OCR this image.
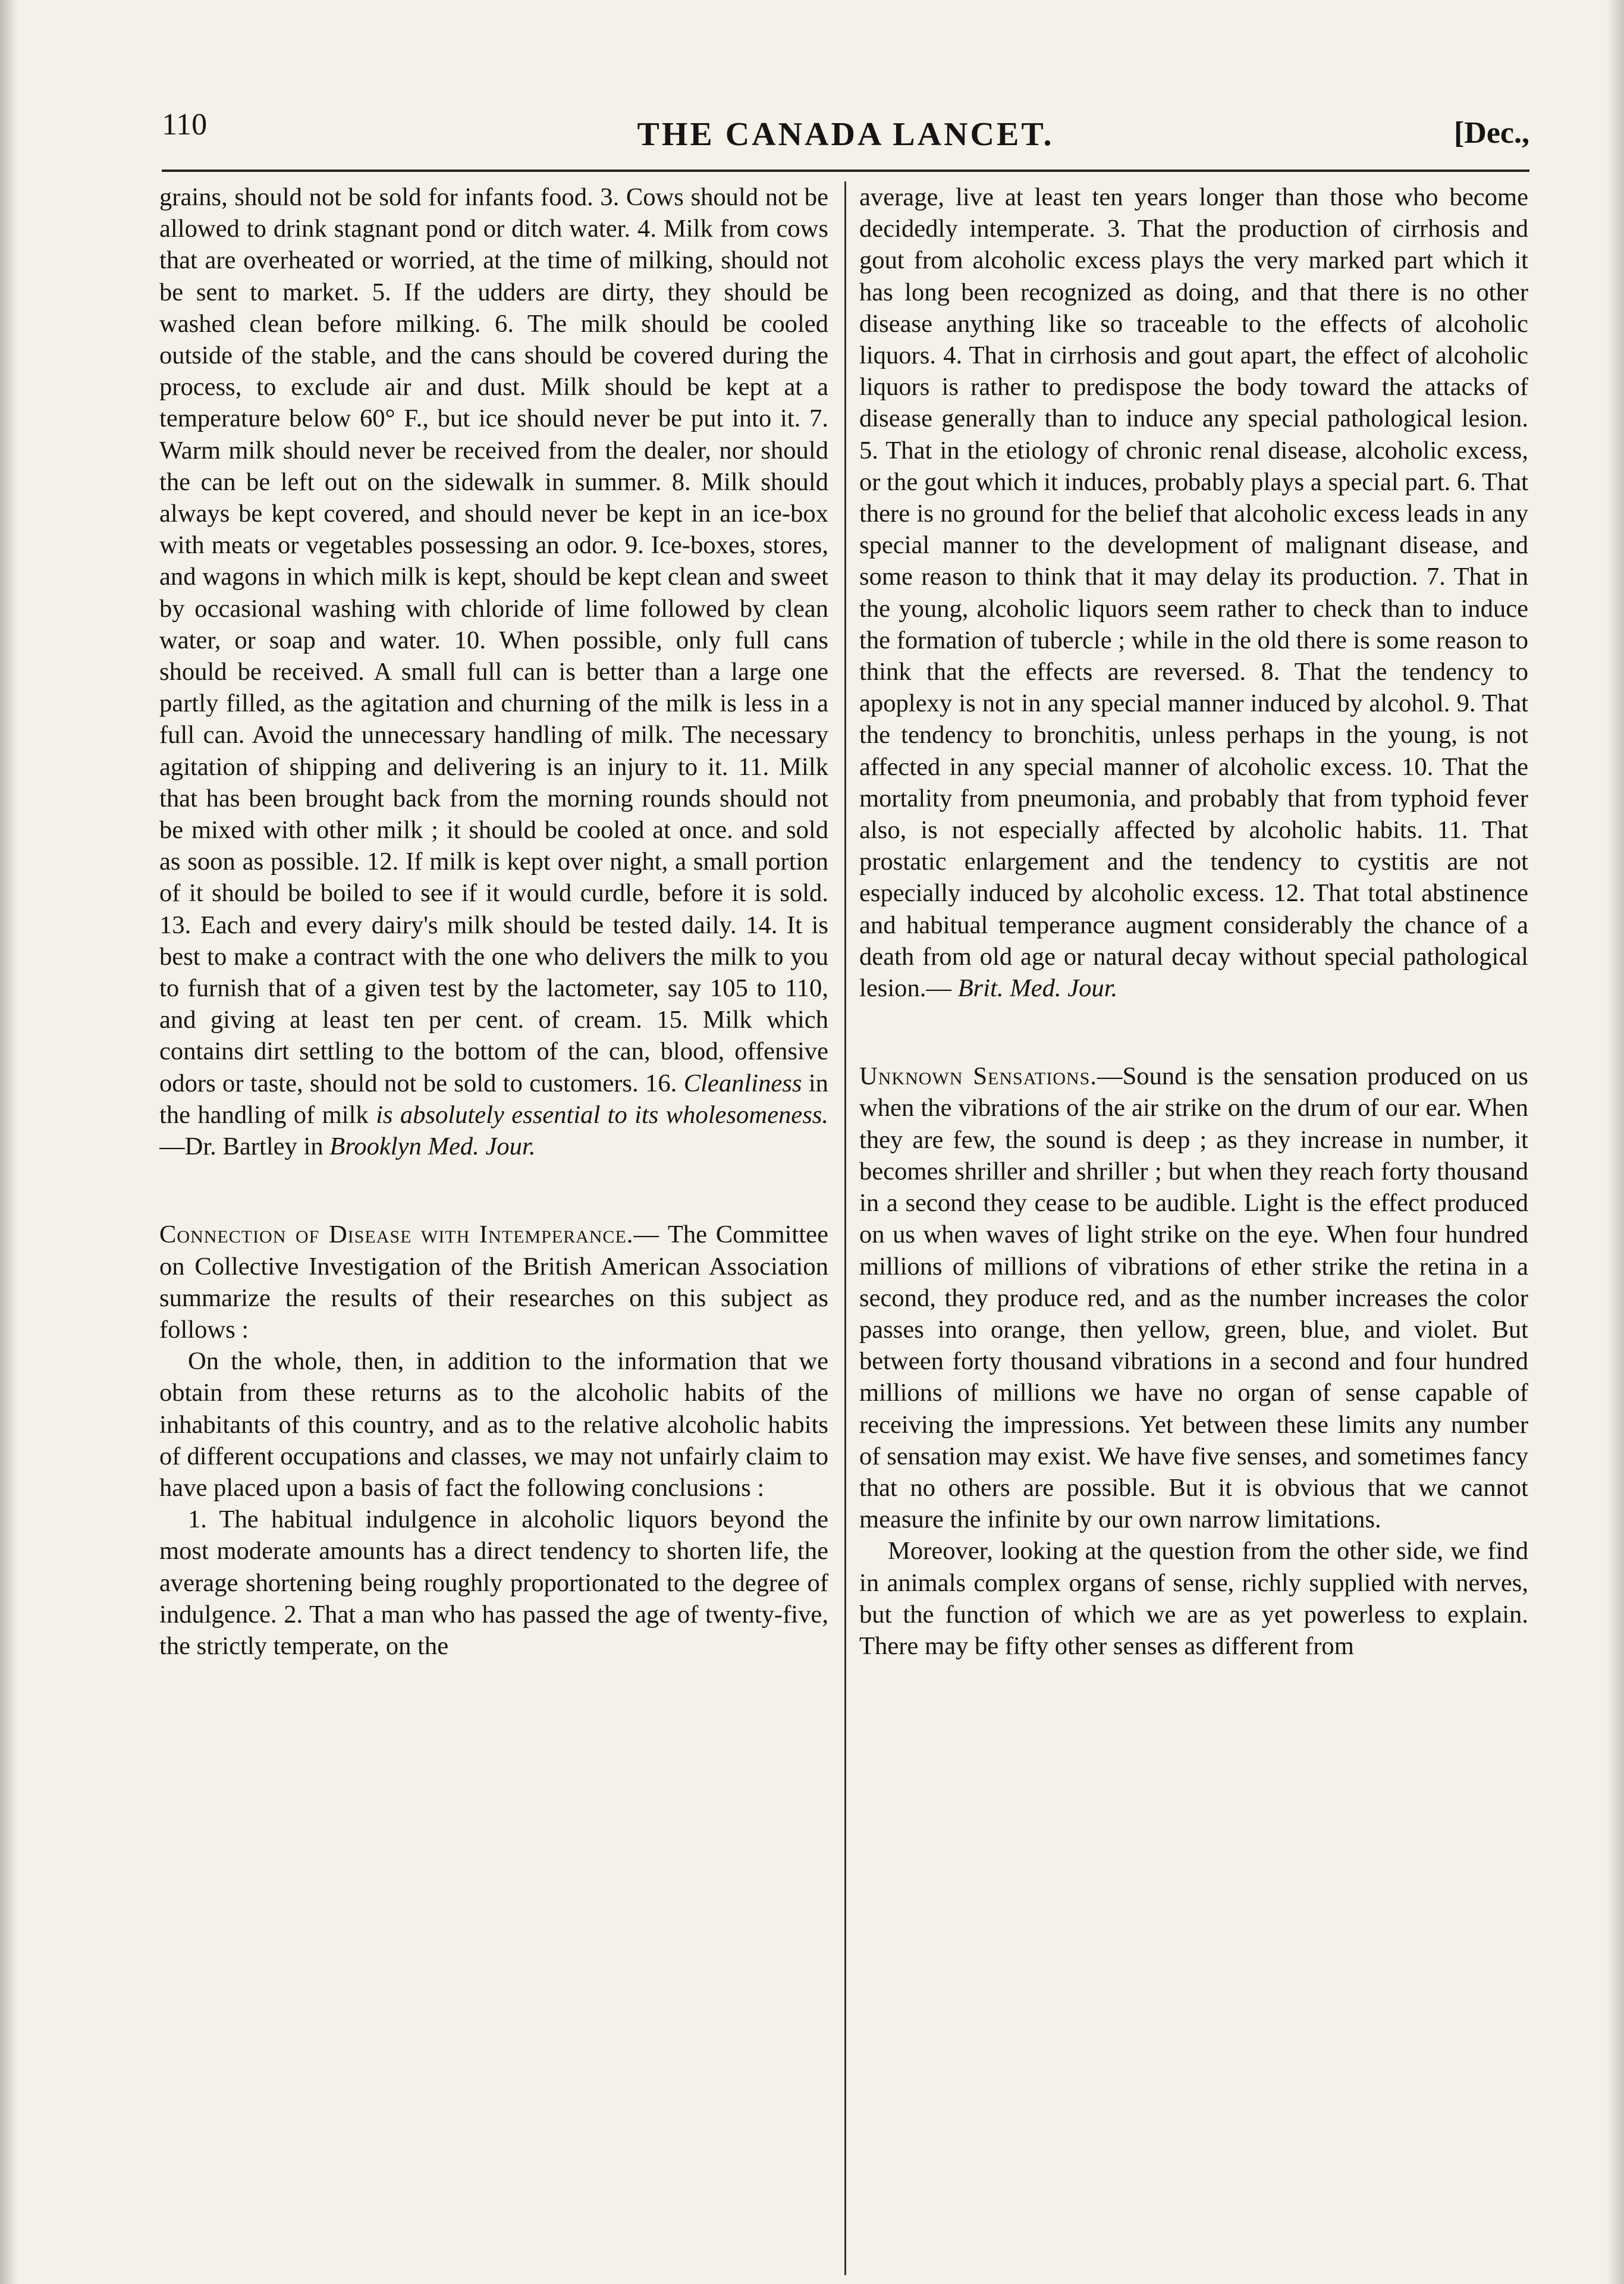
110	THE CANADA LANCET.	[Dec.,

grains, should not be sold for infants food. 3. Cows should not be allowed to drink stagnant pond or ditch water. 4. Milk from cows that are overheated or worried, at the time of milking, should not be sent to market. 5. If the udders are dirty, they should be washed clean before milking. 6. The milk should be cooled outside of the stable, and the cans should be covered during the process, to exclude air and dust. Milk should be kept at a temperature below 60° F., but ice should never be put into it. 7. Warm milk should never be received from the dealer, nor should the can be left out on the sidewalk in summer. 8. Milk should always be kept covered, and should never be kept in an ice-box with meats or vegetables possessing an odor. 9. Ice-boxes, stores, and wagons in which milk is kept, should be kept clean and sweet by occasional washing with chloride of lime followed by clean water, or soap and water. 10. When possible, only full cans should be received. A small full can is better than a large one partly filled, as the agitation and churning of the milk is less in a full can. Avoid the unnecessary handling of milk. The necessary agitation of shipping and delivering is an injury to it. 11. Milk that has been brought back from the morning rounds should not be mixed with other milk ; it should be cooled at once. and sold as soon as possible. 12. If milk is kept over night, a small portion of it should be boiled to see if it would curdle, before it is sold. 13. Each and every dairy's milk should be tested daily. 14. It is best to make a contract with the one who delivers the milk to you to furnish that of a given test by the lactometer, say 105 to 110, and giving at least ten per cent. of cream. 15. Milk which contains dirt settling to the bottom of the can, blood, offensive odors or taste, should not be sold to customers. 16. Cleanliness in the handling of milk is absolutely essential to its wholesomeness.—Dr. Bartley in Brooklyn Med. Jour.

Connection of Disease with Intemperance.— The Committee on Collective Investigation of the British American Association summarize the results of their researches on this subject as follows :

On the whole, then, in addition to the information that we obtain from these returns as to the alcoholic habits of the inhabitants of this country, and as to the relative alcoholic habits of different occupations and classes, we may not unfairly claim to have placed upon a basis of fact the following conclusions :

1. The habitual indulgence in alcoholic liquors beyond the most moderate amounts has a direct tendency to shorten life, the average shortening being roughly proportionated to the degree of indulgence. 2. That a man who has passed the age of twenty-five, the strictly temperate, on the

average, live at least ten years longer than those who become decidedly intemperate. 3. That the production of cirrhosis and gout from alcoholic excess plays the very marked part which it has long been recognized as doing, and that there is no other disease anything like so traceable to the effects of alcoholic liquors. 4. That in cirrhosis and gout apart, the effect of alcoholic liquors is rather to predispose the body toward the attacks of disease generally than to induce any special pathological lesion. 5. That in the etiology of chronic renal disease, alcoholic excess, or the gout which it induces, probably plays a special part. 6. That there is no ground for the belief that alcoholic excess leads in any special manner to the development of malignant disease, and some reason to think that it may delay its production. 7. That in the young, alcoholic liquors seem rather to check than to induce the formation of tubercle ; while in the old there is some reason to think that the effects are reversed. 8. That the tendency to apoplexy is not in any special manner induced by alcohol. 9. That the tendency to bronchitis, unless perhaps in the young, is not affected in any special manner of alcoholic excess. 10. That the mortality from pneumonia, and probably that from typhoid fever also, is not especially affected by alcoholic habits. 11. That prostatic enlargement and the tendency to cystitis are not especially induced by alcoholic excess. 12. That total abstinence and habitual temperance augment considerably the chance of a death from old age or natural decay without special pathological lesion.— Brit. Med. Jour.

Unknown Sensations.—Sound is the sensation produced on us when the vibrations of the air strike on the drum of our ear. When they are few, the sound is deep ; as they increase in number, it becomes shriller and shriller ; but when they reach forty thousand in a second they cease to be audible. Light is the effect produced on us when waves of light strike on the eye. When four hundred millions of millions of vibrations of ether strike the retina in a second, they produce red, and as the number increases the color passes into orange, then yellow, green, blue, and violet. But between forty thousand vibrations in a second and four hundred millions of millions we have no organ of sense capable of receiving the impressions. Yet between these limits any number of sensation may exist. We have five senses, and sometimes fancy that no others are possible. But it is obvious that we cannot measure the infinite by our own narrow limitations.

Moreover, looking at the question from the other side, we find in animals complex organs of sense, richly supplied with nerves, but the function of which we are as yet powerless to explain. There may be fifty other senses as different from
